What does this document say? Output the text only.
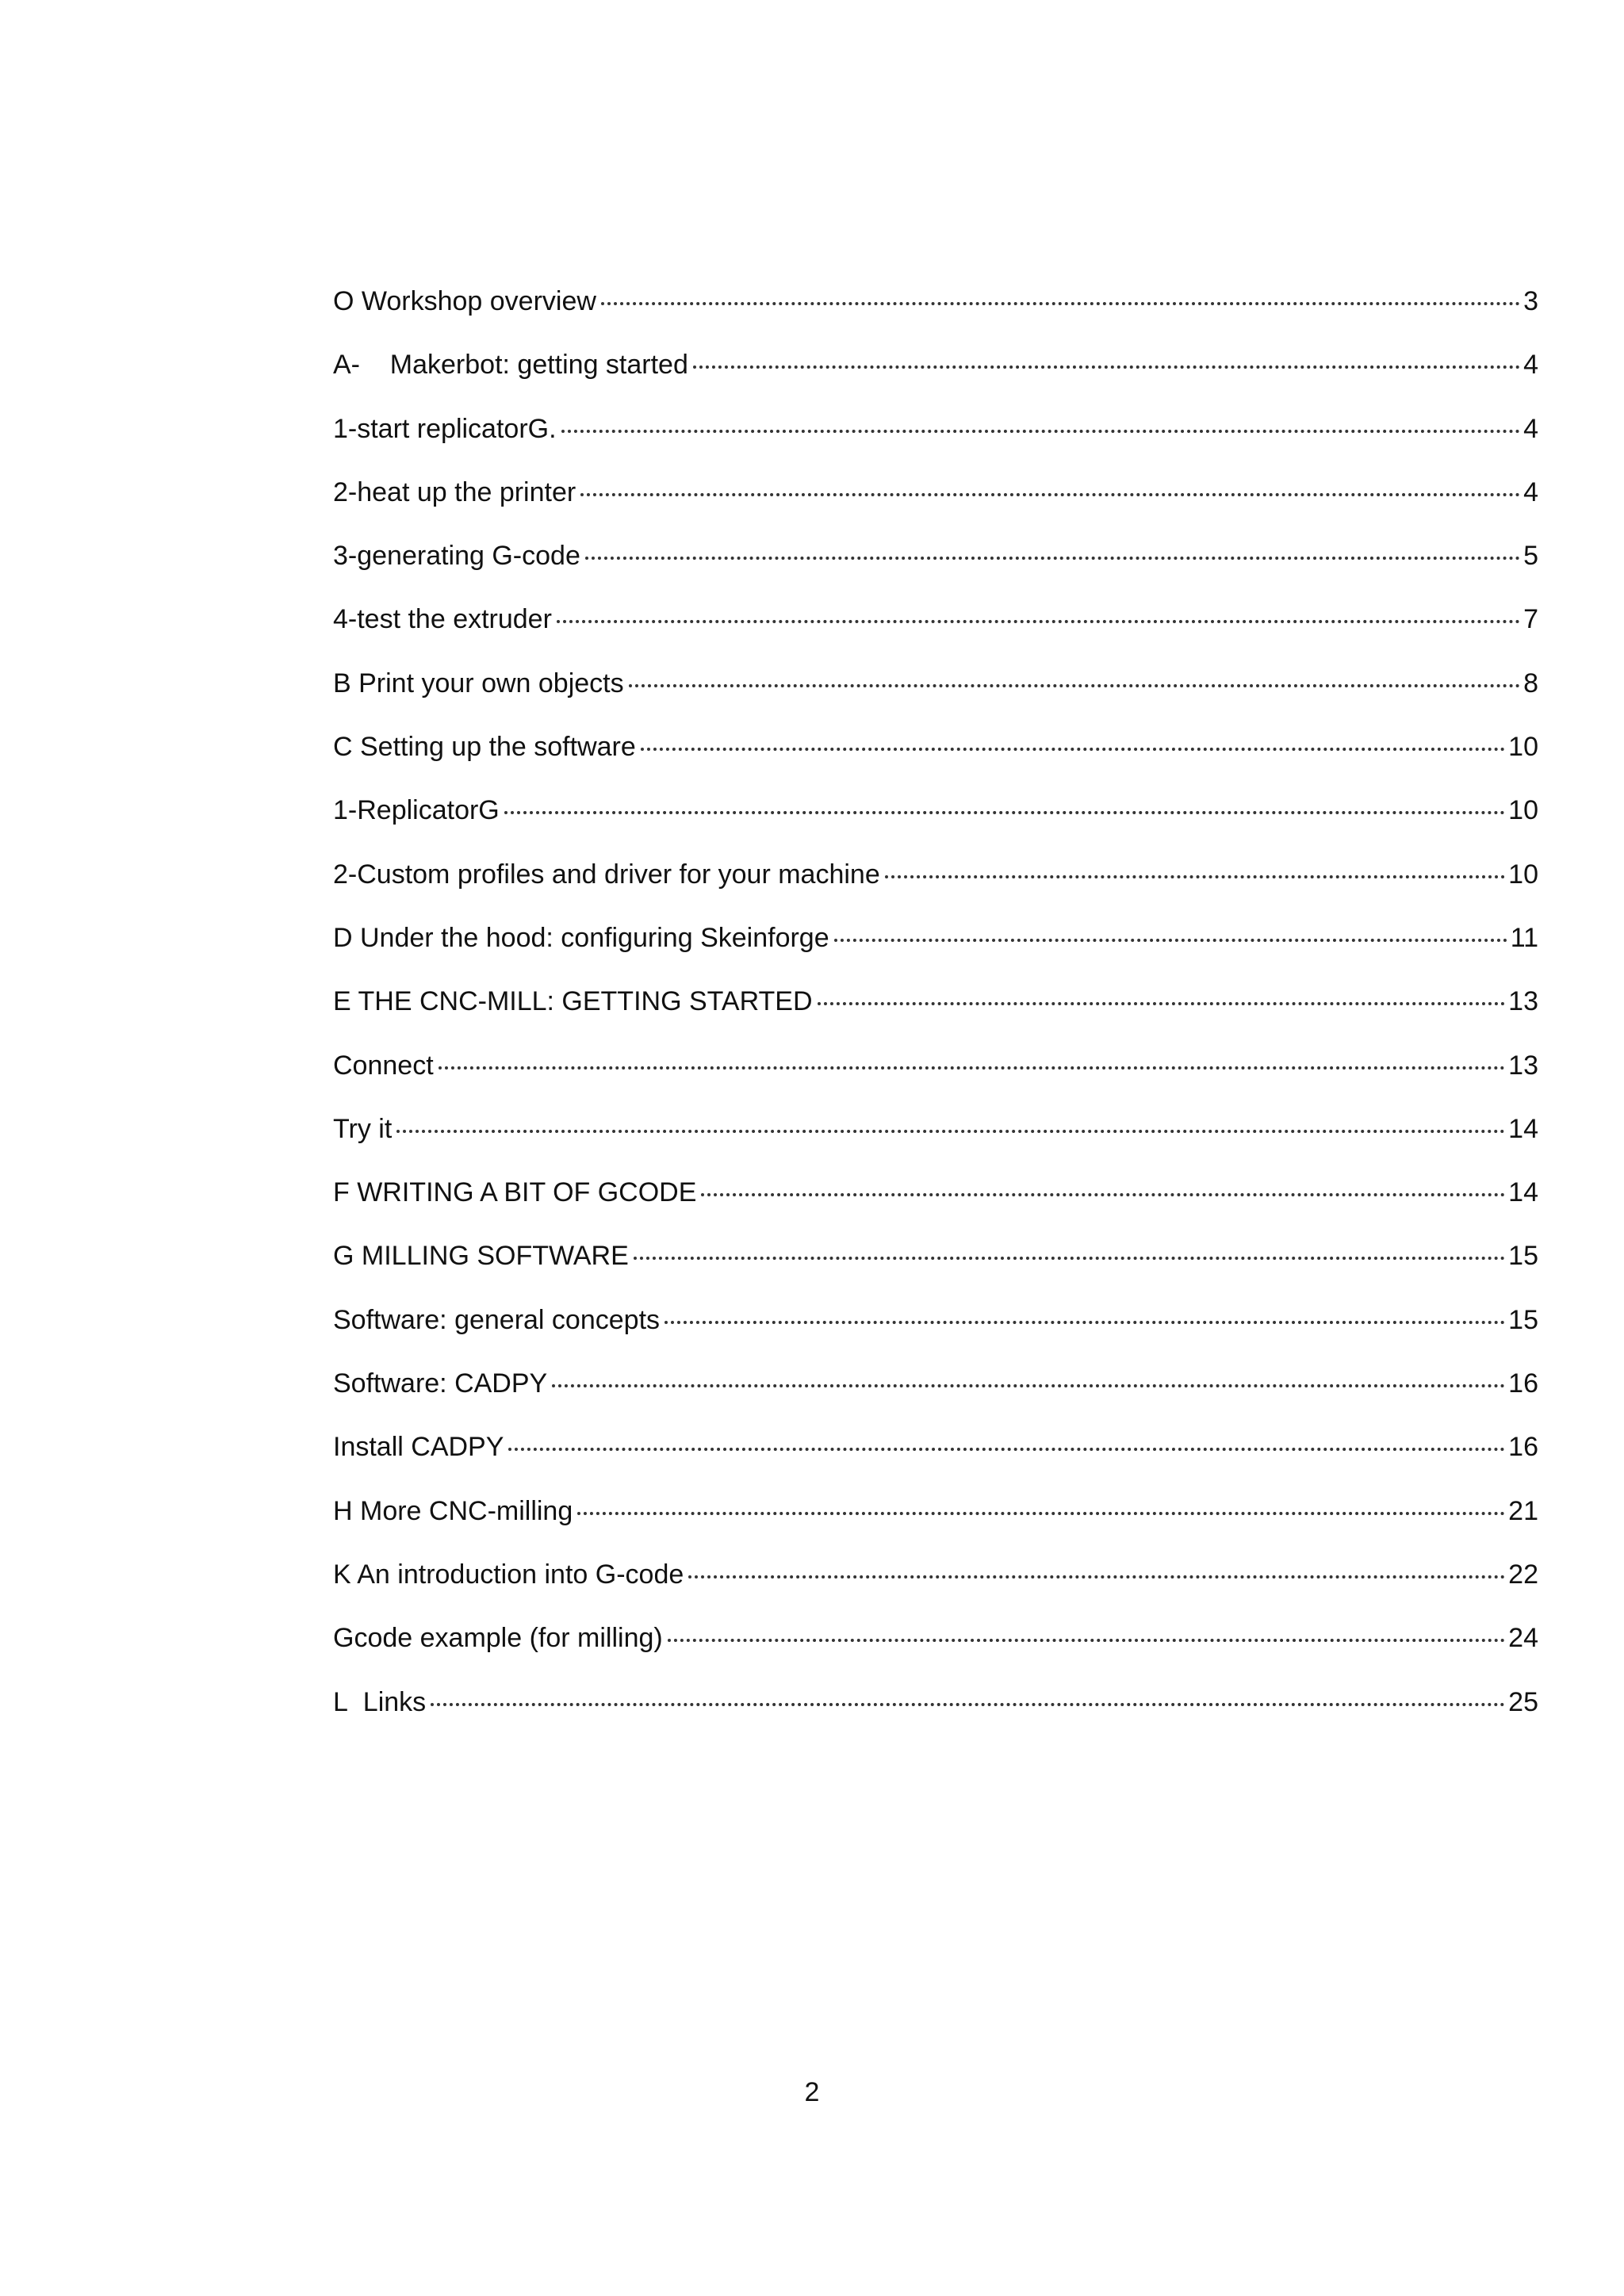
O Workshop overview	3
A-    Makerbot: getting started	4
1-start replicatorG.	4
2-heat up the printer	4
3-generating G-code	5
4-test the extruder	7
B Print your own objects	8
C Setting up the software	10
1-ReplicatorG	10
2-Custom profiles and driver for your machine	10
D Under the hood: configuring Skeinforge	11
E THE CNC-MILL: GETTING STARTED	13
Connect	13
Try it	14
F WRITING A BIT OF GCODE	14
G MILLING SOFTWARE	15
Software: general concepts	15
Software: CADPY	16
Install CADPY	16
H More CNC-milling	21
K An introduction into G-code	22
Gcode example (for milling)	24
L  Links	25
2
